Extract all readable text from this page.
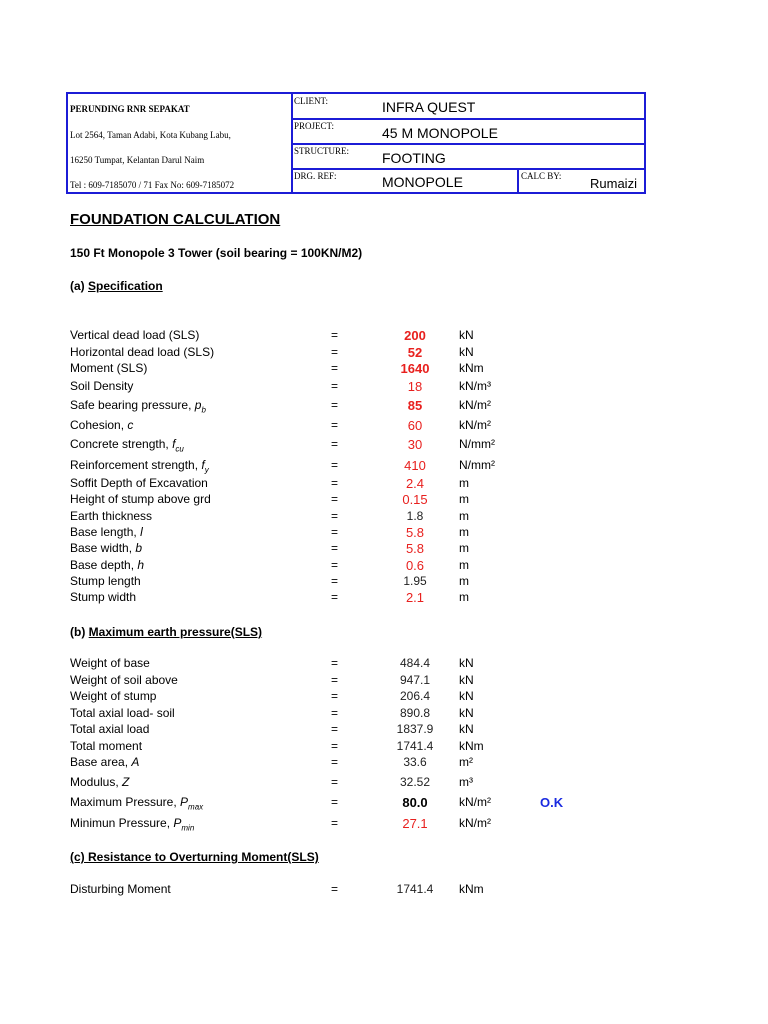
PERUNDING RNR SEPAKAT
Lot 2564, Taman Adabi, Kota Kubang Labu,
16250 Tumpat, Kelantan Darul Naim
Tel : 609-7185070 / 71 Fax No: 609-7185072
CLIENT:	INFRA QUEST
PROJECT:	45 M MONOPOLE
STRUCTURE: FOOTING
DRG. REF:	MONOPOLE	CALC BY: Rumaizi
FOUNDATION CALCULATION
150 Ft Monopole 3 Tower (soil bearing = 100KN/M2)
(a) Specification
Vertical dead load (SLS)	=	200	kN
Horizontal dead load (SLS)	=	52	kN
Moment (SLS)	=	1640	kNm
Soil Density	=	18	kN/m³
Safe bearing pressure, $p_b$	=	85	kN/m²
Cohesion, c	=	60	kN/m²
Concrete strength, $f_{cu}$	=	30	N/mm²
Reinforcement strength, $f_y$	=	410	N/mm²
Soffit Depth of Excavation	=	2.4	m
Height of stump above grd	=	0.15	m
Earth thickness	=	1.8	m
Base length, l	=	5.8	m
Base width, b	=	5.8	m
Base depth, h	=	0.6	m
Stump length	=	1.95	m
Stump width	=	2.1	m
(b) Maximum earth pressure(SLS)
Weight of base	=	484.4	kN
Weight of soil above	=	947.1	kN
Weight of stump	=	206.4	kN
Total axial load- soil	=	890.8	kN
Total axial load	=	1837.9	kN
Total moment	=	1741.4	kNm
Base area, A	=	33.6	m²
Modulus, Z	=	32.52	m³
Maximum Pressure, $P_{max}$	=	80.0	kN/m²	O.K
Minimun Pressure, $P_{min}$	=	27.1	kN/m²
(c) Resistance to Overturning Moment(SLS)
Disturbing Moment	=	1741.4	kNm
